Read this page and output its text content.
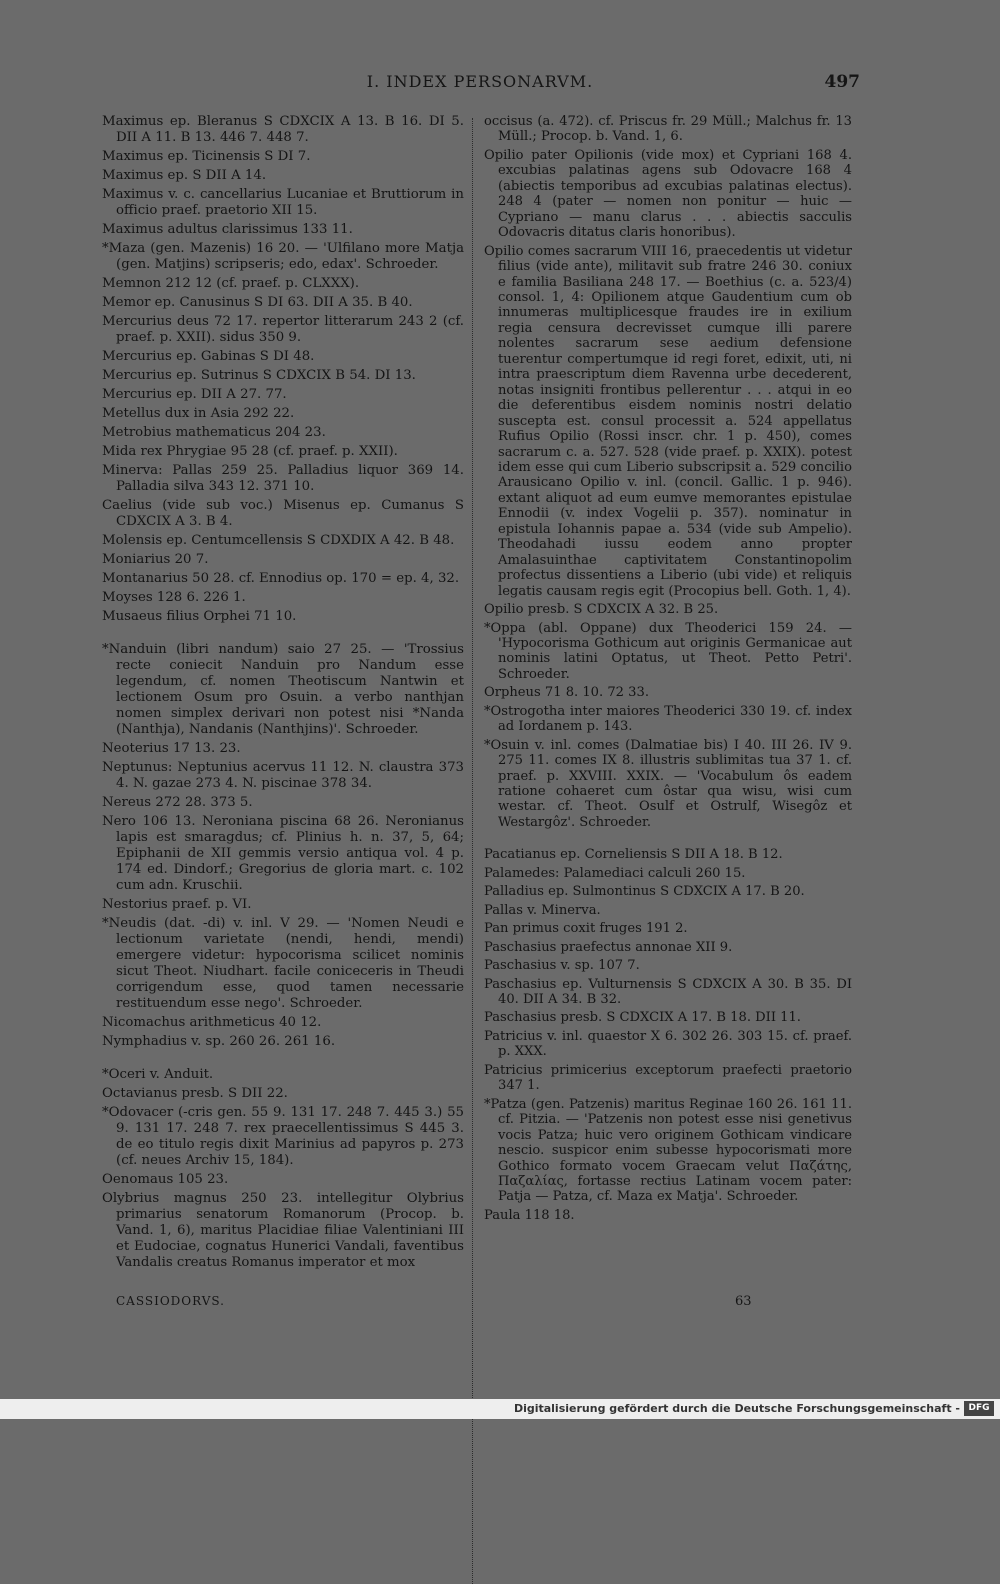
I. INDEX PERSONARVM.	497
Maximus ep. Bleranus S CDXCIX A 13. B 16. DI 5. DII A 11. B 13. 446 7. 448 7.
Maximus ep. Ticinensis S DI 7.
Maximus ep. S DII A 14.
Maximus v. c. cancellarius Lucaniae et Bruttiorum in officio praef. praetorio XII 15.
Maximus adultus clarissimus 133 11.
*Maza (gen. Mazenis) 16 20. — 'Ulfilano more Matja (gen. Matjins) scripseris; edo, edax'. Schroeder.
Memnon 212 12 (cf. praef. p. CLXXX).
Memor ep. Canusinus S DI 63. DII A 35. B 40.
Mercurius deus 72 17. repertor litterarum 243 2 (cf. praef. p. XXII). sidus 350 9.
Mercurius ep. Gabinas S DI 48.
Mercurius ep. Sutrinus S CDXCIX B 54. DI 13.
Mercurius ep. DII A 27. 77.
Metellus dux in Asia 292 22.
Metrobius mathematicus 204 23.
Mida rex Phrygiae 95 28 (cf. praef. p. XXII).
Minerva: Pallas 259 25. Palladius liquor 369 14. Palladia silva 343 12. 371 10.
Caelius (vide sub voc.) Misenus ep. Cumanus S CDXCIX A 3. B 4.
Molensis ep. Centumcellensis S CDXDIX A 42. B 48.
Moniarius 20 7.
Montanarius 50 28. cf. Ennodius op. 170 = ep. 4, 32.
Moyses 128 6. 226 1.
Musaeus filius Orphei 71 10.
*Nanduin (libri nandum) saio 27 25. — 'Trossius recte coniecit Nanduin pro Nandum esse legendum, cf. nomen Theotiscum Nantwin et lectionem Osum pro Osuin. a verbo nanthjan nomen simplex derivari non potest nisi *Nanda (Nanthja), Nandanis (Nanthjins)'. Schroeder.
Neoterius 17 13. 23.
Neptunus: Neptunius acervus 11 12. N. claustra 373 4. N. gazae 273 4. N. piscinae 378 34.
Nereus 272 28. 373 5.
Nero 106 13. Neroniana piscina 68 26. Neronianus lapis est smaragdus; cf. Plinius h. n. 37, 5, 64; Epiphanii de XII gemmis versio antiqua vol. 4 p. 174 ed. Dindorf.; Gregorius de gloria mart. c. 102 cum adn. Kruschii.
Nestorius praef. p. VI.
*Neudis (dat. -di) v. inl. V 29. — 'Nomen Neudi e lectionum varietate (nendi, hendi, mendi) emergere videtur: hypocorisma scilicet nominis sicut Theot. Niudhart. facile coniceceris in Theudi corrigendum esse, quod tamen necessarie restituendum esse nego'. Schroeder.
Nicomachus arithmeticus 40 12.
Nymphadius v. sp. 260 26. 261 16.
*Oceri v. Anduit.
Octavianus presb. S DII 22.
*Odovacer (-cris gen. 55 9. 131 17. 248 7. 445 3.) 55 9. 131 17. 248 7. rex praecellentissimus S 445 3. de eo titulo regis dixit Marinius ad papyros p. 273 (cf. neues Archiv 15, 184).
Oenomaus 105 23.
Olybrius magnus 250 23. intellegitur Olybrius primarius senatorum Romanorum (Procop. b. Vand. 1, 6), maritus Placidiae filiae Valentiniani III et Eudociae, cognatus Hunerici Vandali, faventibus Vandalis creatus Romanus imperator et mox
occisus (a. 472). cf. Priscus fr. 29 Müll.; Malchus fr. 13 Müll.; Procop. b. Vand. 1, 6.
Opilio pater Opilionis (vide mox) et Cypriani 168 4. excubias palatinas agens sub Odovacre 168 4 (abiectis temporibus ad excubias palatinas electus). 248 4 (pater — nomen non ponitur — huic — Cypriano — manu clarus . . . abiectis sacculis Odovacris ditatus claris honoribus).
Opilio comes sacrarum VIII 16, praecedentis ut videtur filius (vide ante), militavit sub fratre 246 30. coniux e familia Basiliana 248 17. — Boethius (c. a. 523/4) consol. 1, 4: Opilionem atque Gaudentium cum ob innumeras multiplicesque fraudes ire in exilium regia censura decrevisset cumque illi parere nolentes sacrarum sese aedium defensione tuerentur compertumque id regi foret, edixit, uti, ni intra praescriptum diem Ravenna urbe decederent, notas insigniti frontibus pellerentur . . . atqui in eo die deferentibus eisdem nominis nostri delatio suscepta est. consul processit a. 524 appellatus Rufius Opilio (Rossi inscr. chr. 1 p. 450), comes sacrarum c. a. 527. 528 (vide praef. p. XXIX). potest idem esse qui cum Liberio subscripsit a. 529 concilio Arausicano Opilio v. inl. (concil. Gallic. 1 p. 946). extant aliquot ad eum eumve memorantes epistulae Ennodii (v. index Vogelii p. 357). nominatur in epistula Iohannis papae a. 534 (vide sub Ampelio). Theodahadi iussu eodem anno propter Amalasuinthae captivitatem Constantinopolim profectus dissentiens a Liberio (ubi vide) et reliquis legatis causam regis egit (Procopius bell. Goth. 1, 4).
Opilio presb. S CDXCIX A 32. B 25.
*Oppa (abl. Oppane) dux Theoderici 159 24. — 'Hypocorisma Gothicum aut originis Germanicae aut nominis latini Optatus, ut Theot. Petto Petri'. Schroeder.
Orpheus 71 8. 10. 72 33.
*Ostrogotha inter maiores Theoderici 330 19. cf. index ad Iordanem p. 143.
*Osuin v. inl. comes (Dalmatiae bis) I 40. III 26. IV 9. 275 11. comes IX 8. illustris sublimitas tua 37 1. cf. praef. p. XXVIII. XXIX. — 'Vocabulum ôs eadem ratione cohaeret cum ôstar qua wisu, wisi cum westar. cf. Theot. Osulf et Ostrulf, Wisegôz et Westargôz'. Schroeder.
Pacatianus ep. Corneliensis S DII A 18. B 12.
Palamedes: Palamediaci calculi 260 15.
Palladius ep. Sulmontinus S CDXCIX A 17. B 20.
Pallas v. Minerva.
Pan primus coxit fruges 191 2.
Paschasius praefectus annonae XII 9.
Paschasius v. sp. 107 7.
Paschasius ep. Vulturnensis S CDXCIX A 30. B 35. DI 40. DII A 34. B 32.
Paschasius presb. S CDXCIX A 17. B 18. DII 11.
Patricius v. inl. quaestor X 6. 302 26. 303 15. cf. praef. p. XXX.
Patricius primicerius exceptorum praefecti praetorio 347 1.
*Patza (gen. Patzenis) maritus Reginae 160 26. 161 11. cf. Pitzia. — 'Patzenis non potest esse nisi genetivus vocis Patza; huic vero originem Gothicam vindicare nescio. suspicor enim subesse hypocorismati more Gothico formato vocem Graecam velut Παζάτης, Παζαλίας, fortasse rectius Latinam vocem pater: Patja — Patza, cf. Maza ex Matja'. Schroeder.
Paula 118 18.
CASSIODORVS.	63
Digitalisierung gefördert durch die Deutsche Forschungsgemeinschaft - DFG
